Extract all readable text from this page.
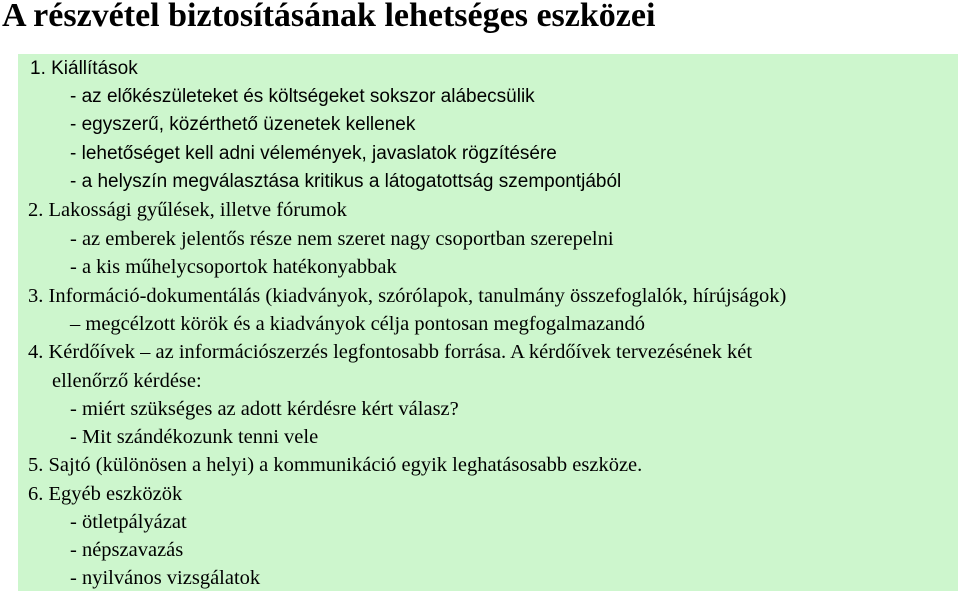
A részvétel biztosításának lehetséges eszközei
1. Kiállítások
- az előkészületeket és költségeket sokszor alábecsülik
- egyszerű, közérthető üzenetek kellenek
- lehetőséget kell adni vélemények, javaslatok rögzítésére
- a helyszín megválasztása kritikus a látogatottság szempontjából
2. Lakossági gyűlések, illetve fórumok
- az emberek jelentős része nem szeret nagy csoportban szerepelni
- a kis műhelycsoportok hatékonyabbak
3. Információ-dokumentálás (kiadványok, szórólapok, tanulmány összefoglalók, hírújságok)
– megcélzott körök és a kiadványok célja pontosan megfogalmazandó
4. Kérdőívek – az információszerzés legfontosabb forrása. A kérdőívek tervezésének két
ellenőrző kérdése:
- miért szükséges az adott kérdésre kért válasz?
- Mit szándékozunk tenni vele
5. Sajtó (különösen a helyi) a kommunikáció egyik leghatásosabb eszköze.
6. Egyéb eszközök
- ötletpályázat
- népszavazás
- nyilvános vizsgálatok
